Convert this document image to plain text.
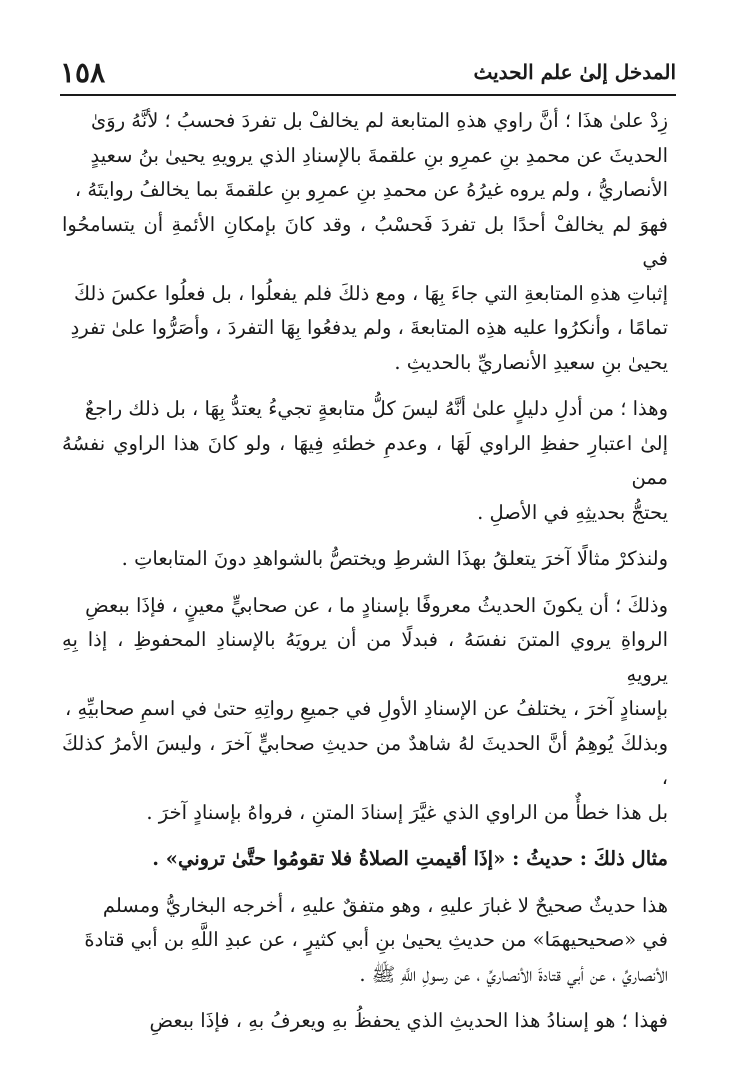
١٥٨	المدخل إلىٰ علم الحديث

زِدْ علىٰ هذَا ؛ أنَّ راوي هذهِ المتابعة لم يخالفْ بل تفردَ فحسبُ ؛ لأنَّهُ روَىٰ
الحديثَ عن محمدِ بنِ عمرِو بنِ علقمةَ بالإسنادِ الذي يرويهِ يحيىٰ بنُ سعيدٍ
الأنصاريُّ ، ولم يروه غيرُهُ عن محمدِ بنِ عمرِو بنِ علقمةَ بما يخالفُ روايتَهُ ،
فهوَ لم يخالفْ أحدًا بل تفردَ فَحسْبُ ، وقد كانَ بإمكانِ الأئمةِ أن يتسامحُوا في
إثباتِ هذهِ المتابعةِ التي جاءَ بِهَا ، ومع ذلكَ فلم يفعلُوا ، بل فعلُوا عكسَ ذلكَ
تمامًا ، وأنكرُوا عليه هذِه المتابعةَ ، ولم يدفعُوا بِهَا التفردَ ، وأصَرُّوا علىٰ تفردِ
يحيىٰ بنِ سعيدِ الأنصاريِّ بالحديثِ .

وهذا ؛ من أدلِ دليلٍ علىٰ أنَّهُ ليسَ كلُّ متابعةٍ تجيءُ يعتدُّ بِهَا ، بل ذلك راجعٌ
إلىٰ اعتبارِ حفظِ الراوي لَهَا ، وعدمِ خطئهِ فِيهَا ، ولو كانَ هذا الراوي نفسُهُ ممن
يحتجُّ بحديثِهِ في الأصلِ .

ولنذكرْ مثالًا آخرَ يتعلقُ بهذَا الشرطِ ويختصُّ بالشواهدِ دونَ المتابعاتِ .

وذلكَ ؛ أن يكونَ الحديثُ معروفًا بإسنادٍ ما ، عن صحابيٍّ معينٍ ، فإذَا ببعضِ
الرواةِ يروي المتنَ نفسَهُ ، فبدلًا من أن يرويَهُ بالإسنادِ المحفوظِ ، إذا بِهِ يرويهِ
بإسنادٍ آخرَ ، يختلفُ عن الإسنادِ الأولِ في جميعِ رواتِهِ حتىٰ في اسمِ صحابيِّهِ ،
وبذلكَ يُوهِمُ أنَّ الحديثَ لهُ شاهدٌ من حديثِ صحابيٍّ آخرَ ، وليسَ الأمرُ كذلكَ ،
بل هذا خطأٌ من الراوي الذي غيَّرَ إسنادَ المتنِ ، فرواهُ بإسنادٍ آخرَ .

مثال ذلكَ : حديثُ : «إذَا أقيمتِ الصلاةُ فلا تقومُوا حتَّىٰ تروني» .

هذا حديثٌ صحيحٌ لا غبارَ عليهِ ، وهو متفقٌ عليهِ ، أخرجه البخاريُّ ومسلم
في «صحيحيهمَا» من حديثِ يحيىٰ بنِ أبي كثيرٍ ، عن عبدِ اللَّهِ بن أبي قتادةَ
الأنصاريِّ ، عن أبي قتادةَ الأنصاريِّ ، عن رسولِ اللَّهِ ﷺ .

فهذا ؛ هو إسنادُ هذا الحديثِ الذي يحفظُ بهِ ويعرفُ بهِ ، فإذَا ببعضِ
